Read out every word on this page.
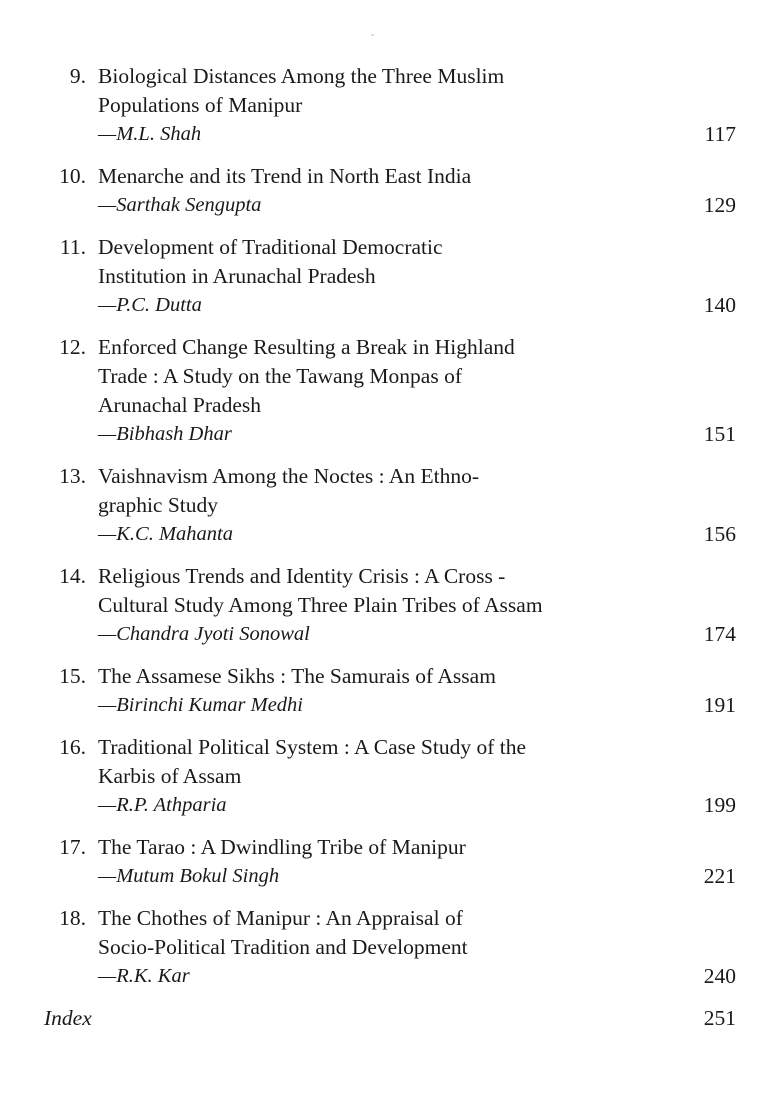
9. Biological Distances Among the Three Muslim
Populations of Manipur
—M.L. Shah	117
10. Menarche and its Trend in North East India
—Sarthak Sengupta	129
11. Development of Traditional Democratic
Institution in Arunachal Pradesh
—P.C. Dutta	140
12. Enforced Change Resulting a Break in Highland
Trade : A Study on the Tawang Monpas of
Arunachal Pradesh
—Bibhash Dhar	151
13. Vaishnavism Among the Noctes : An Ethno-
graphic Study
—K.C. Mahanta	156
14. Religious Trends and Identity Crisis : A Cross -
Cultural Study Among Three Plain Tribes of Assam
—Chandra Jyoti Sonowal	174
15. The Assamese Sikhs : The Samurais of Assam
—Birinchi Kumar Medhi	191
16. Traditional Political System : A Case Study of the
Karbis of Assam
—R.P. Athparia	199
17. The Tarao : A Dwindling Tribe of Manipur
—Mutum Bokul Singh	221
18. The Chothes of Manipur : An Appraisal of
Socio-Political Tradition and Development
—R.K. Kar	240
Index	251
